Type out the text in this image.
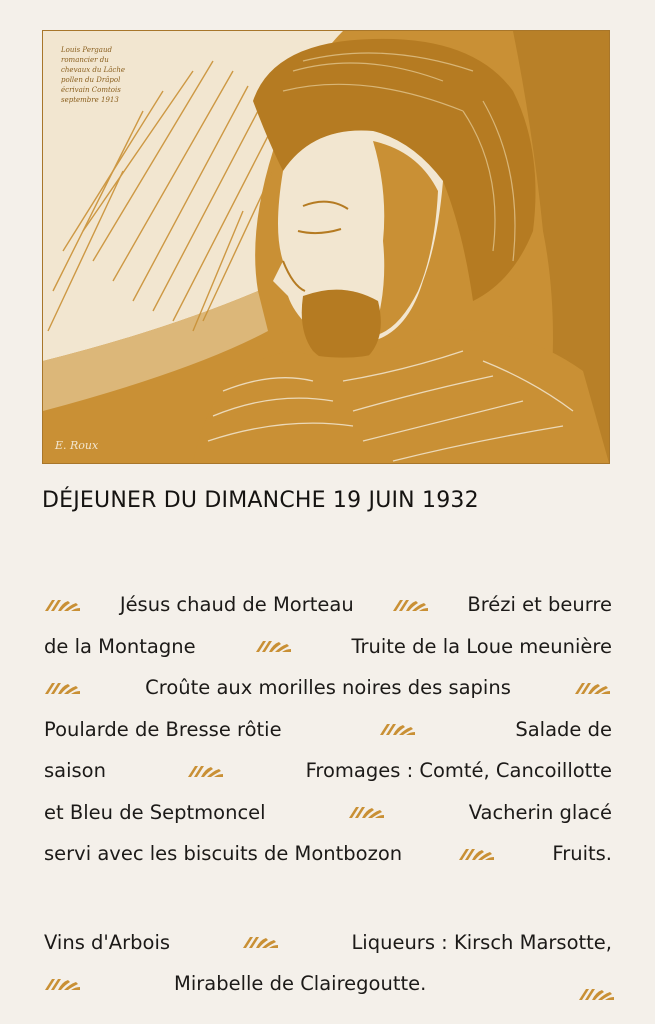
E. Roux
Louis Pergaud
romancier du
chevaux du Lâche
pollen du Drâpol
écrivain Comtois
septembre 1913
DÉJEUNER DU DIMANCHE 19 JUIN 1932
Jésus chaud de Morteau	Brézi et beurre
de la Montagne	Truite de la Loue meunière
Croûte aux morilles noires des sapins
Poularde de Bresse rôtie	Salade de
saison	Fromages : Comté, Cancoillotte
et Bleu de Septmoncel	Vacherin glacé
servi avec les biscuits de Montbozon	Fruits.
Vins d'Arbois	Liqueurs : Kirsch Marsotte,
Mirabelle de Clairegoutte.
